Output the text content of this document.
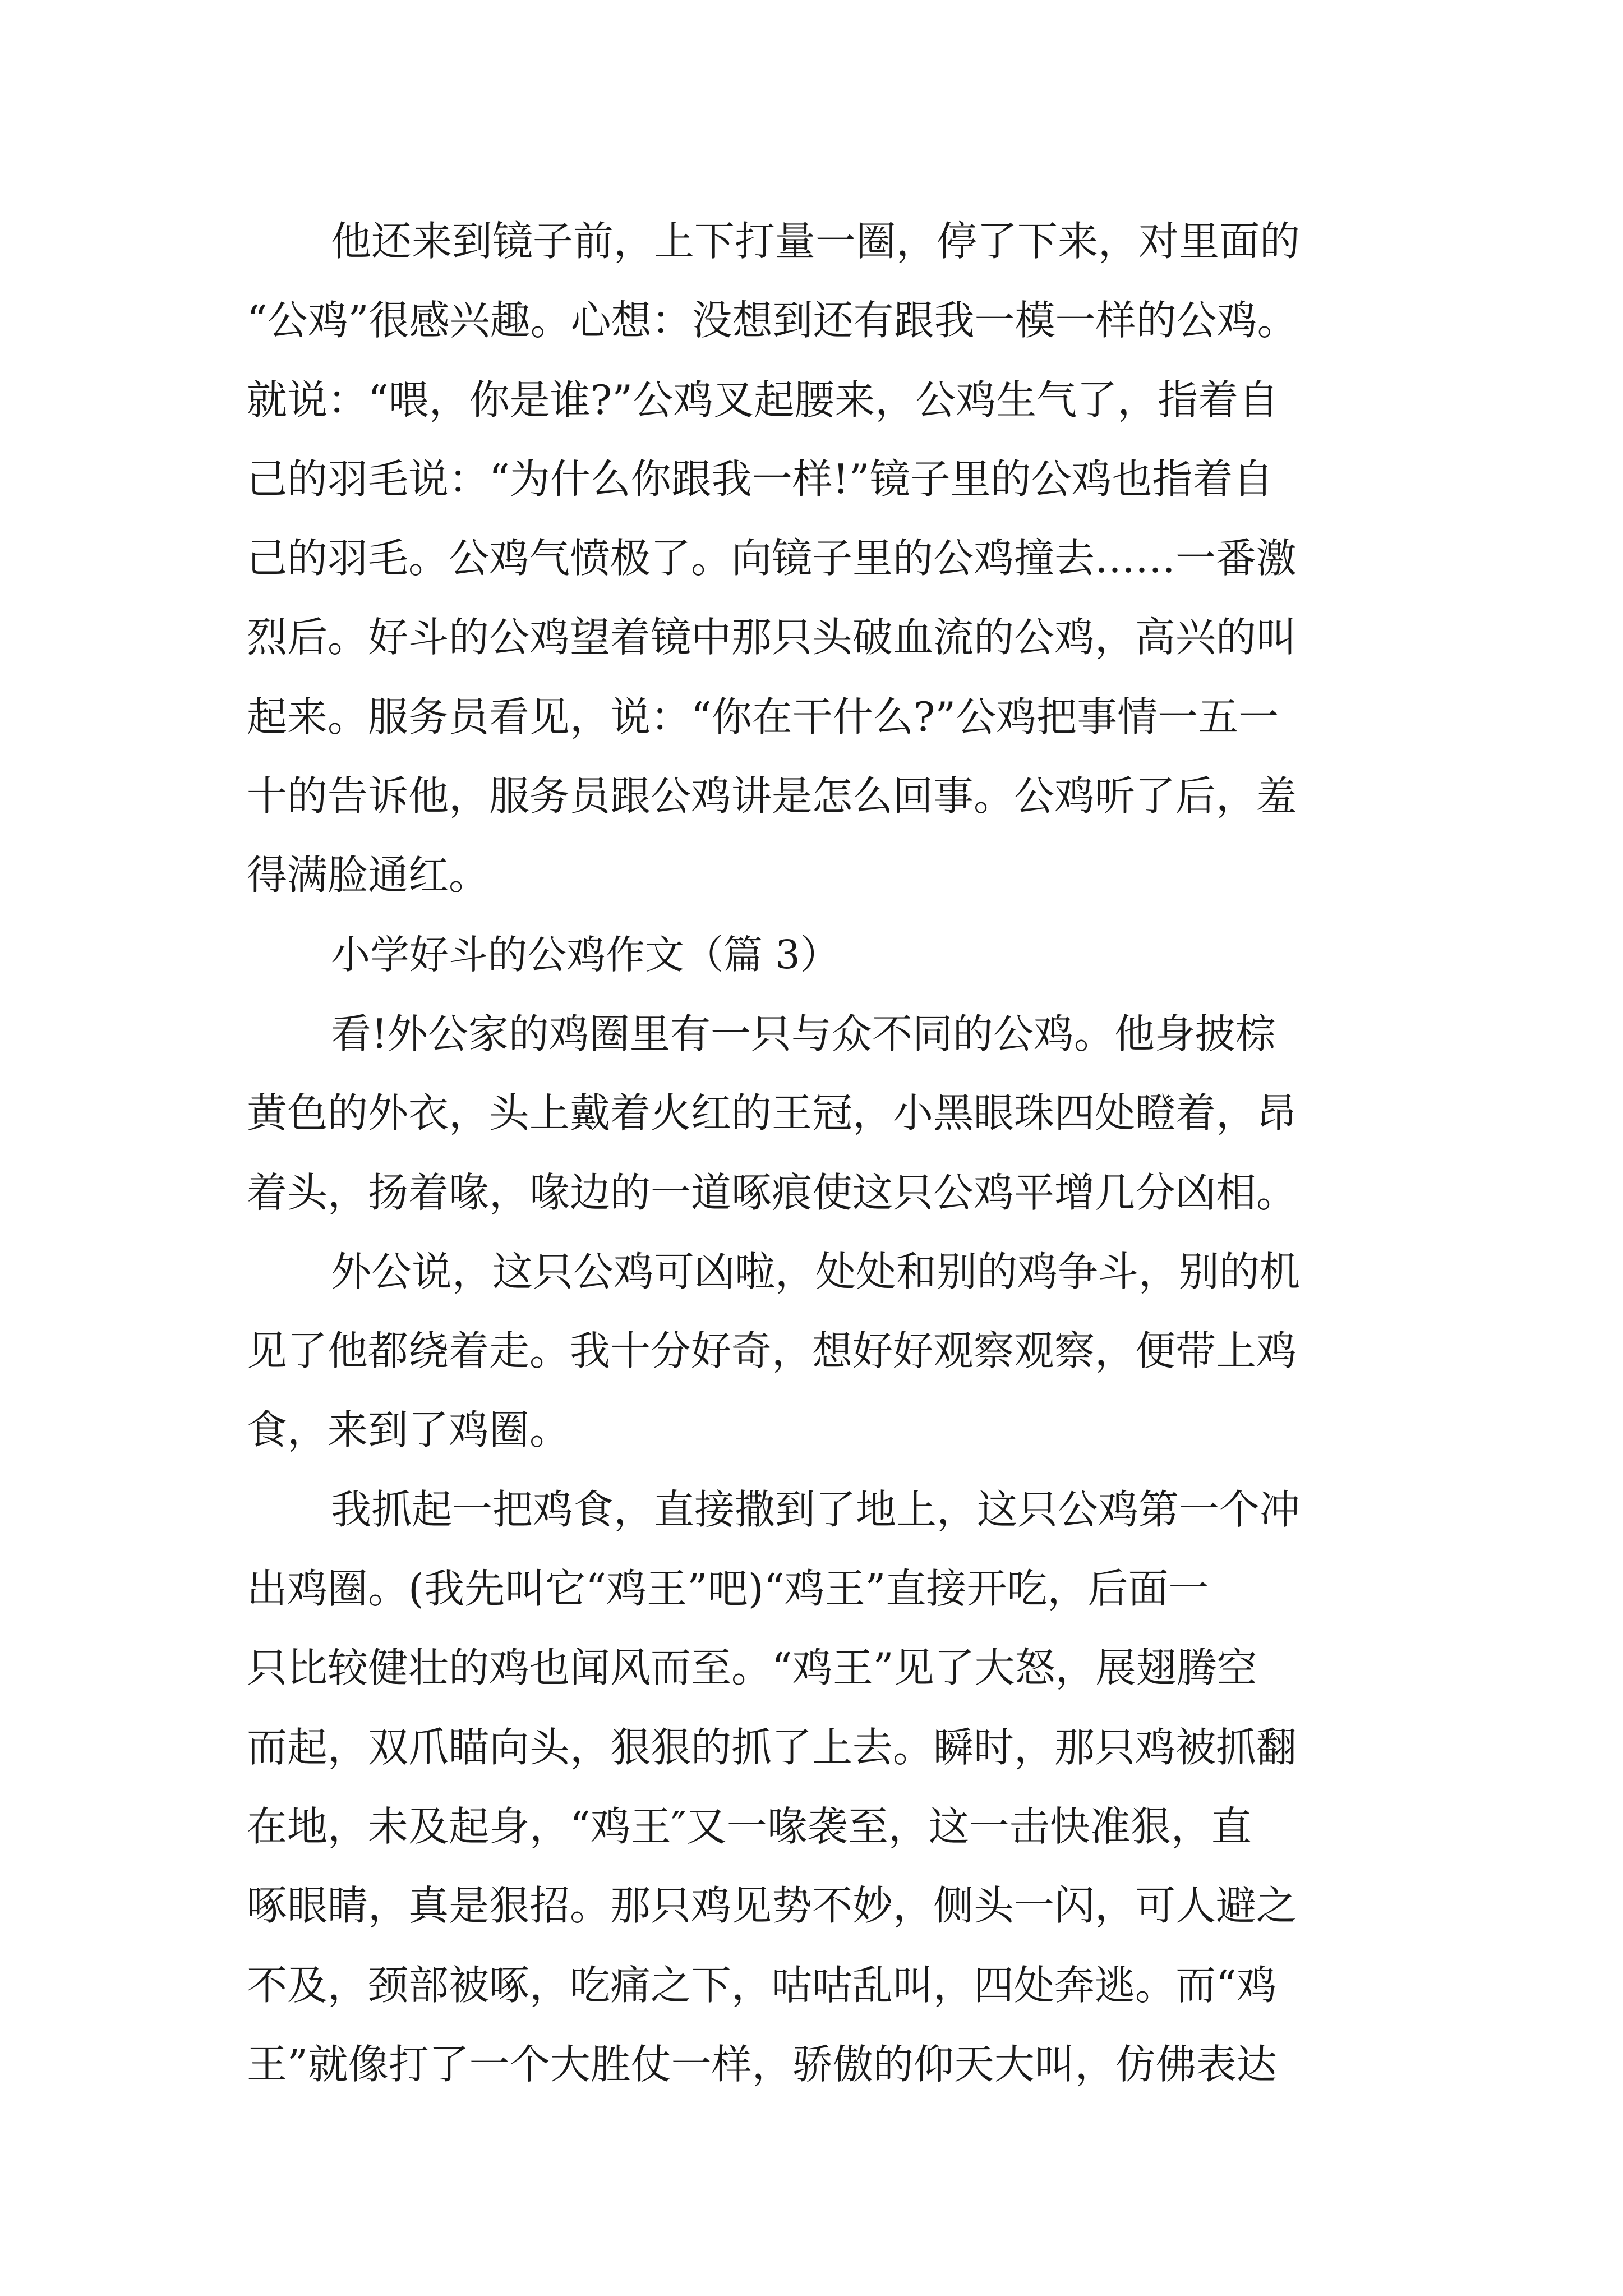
他还来到镜子前，上下打量一圈，停了下来，对里面的
“公鸡”很感兴趣。心想：没想到还有跟我一模一样的公鸡。
就说：“喂，你是谁?”公鸡叉起腰来，公鸡生气了，指着自
己的羽毛说：“为什么你跟我一样!”镜子里的公鸡也指着自
己的羽毛。公鸡气愤极了。向镜子里的公鸡撞去……一番激
烈后。好斗的公鸡望着镜中那只头破血流的公鸡，高兴的叫
起来。服务员看见，说：“你在干什么?”公鸡把事情一五一
十的告诉他，服务员跟公鸡讲是怎么回事。公鸡听了后，羞
得满脸通红。
小学好斗的公鸡作文（篇 3）
看!外公家的鸡圈里有一只与众不同的公鸡。他身披棕
黄色的外衣，头上戴着火红的王冠，小黑眼珠四处瞪着，昂
着头，扬着喙，喙边的一道啄痕使这只公鸡平增几分凶相。
外公说，这只公鸡可凶啦，处处和别的鸡争斗，别的机
见了他都绕着走。我十分好奇，想好好观察观察，便带上鸡
食，来到了鸡圈。
我抓起一把鸡食，直接撒到了地上，这只公鸡第一个冲
出鸡圈。(我先叫它“鸡王”吧)“鸡王”直接开吃，后面一
只比较健壮的鸡也闻风而至。“鸡王”见了大怒，展翅腾空
而起，双爪瞄向头，狠狠的抓了上去。瞬时，那只鸡被抓翻
在地，未及起身，“鸡王″又一喙袭至，这一击快准狠，直
啄眼睛，真是狠招。那只鸡见势不妙，侧头一闪，可人避之
不及，颈部被啄，吃痛之下，咕咕乱叫，四处奔逃。而“鸡
王”就像打了一个大胜仗一样，骄傲的仰天大叫，仿佛表达
